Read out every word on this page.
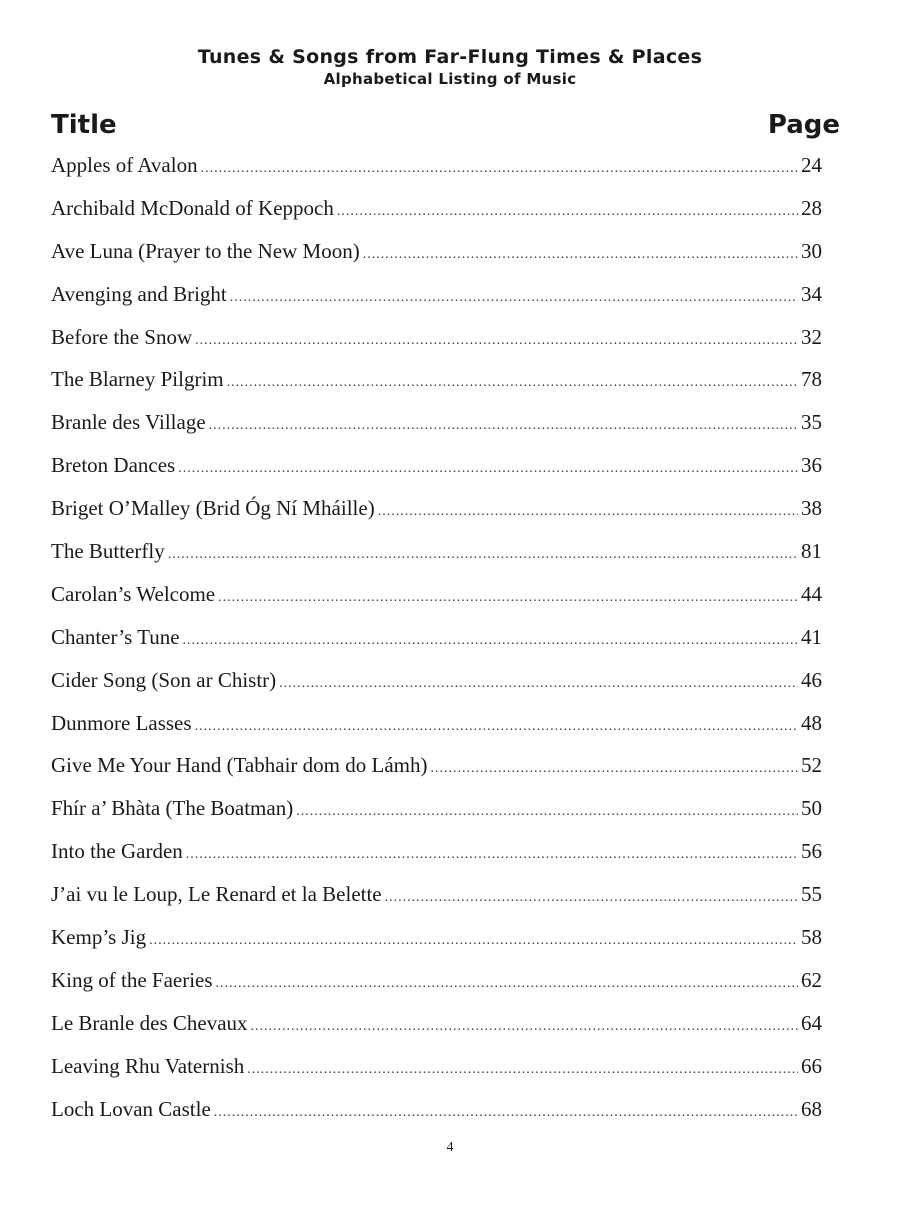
Tunes & Songs from Far-Flung Times & Places
Alphabetical Listing of Music
Title	Page
Apples of Avalon .....	24
Archibald McDonald of Keppoch .....	28
Ave Luna (Prayer to the New Moon) .....	30
Avenging and Bright .....	34
Before the Snow .....	32
The Blarney Pilgrim .....	78
Branle des Village .....	35
Breton Dances .....	36
Briget O’Malley (Brid Óg Ní Mháille) .....	38
The Butterfly .....	81
Carolan’s Welcome .....	44
Chanter’s Tune .....	41
Cider Song (Son ar Chistr) .....	46
Dunmore Lasses .....	48
Give Me Your Hand (Tabhair dom do Lámh) .....	52
Fhír a’ Bhàta (The Boatman) .....	50
Into the Garden .....	56
J’ai vu le Loup, Le Renard et la Belette .....	55
Kemp’s Jig .....	58
King of the Faeries .....	62
Le Branle des Chevaux .....	64
Leaving Rhu Vaternish .....	66
Loch Lovan Castle .....	68
4
